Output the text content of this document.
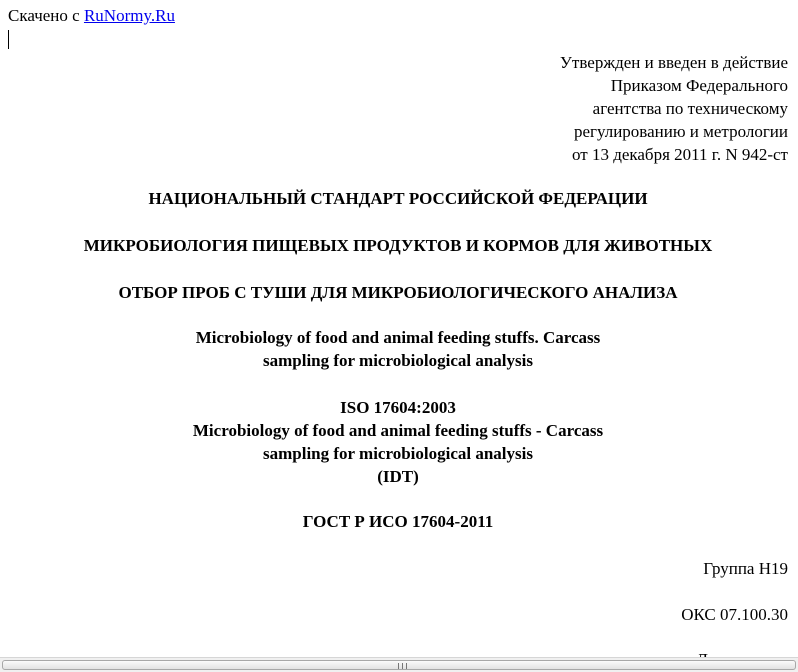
Скачено с RuNormy.Ru
Утвержден и введен в действие
Приказом Федерального
агентства по техническому
регулированию и метрологии
от 13 декабря 2011 г. N 942-ст
НАЦИОНАЛЬНЫЙ СТАНДАРТ РОССИЙСКОЙ ФЕДЕРАЦИИ
МИКРОБИОЛОГИЯ ПИЩЕВЫХ ПРОДУКТОВ И КОРМОВ ДЛЯ ЖИВОТНЫХ
ОТБОР ПРОБ С ТУШИ ДЛЯ МИКРОБИОЛОГИЧЕСКОГО АНАЛИЗА
Microbiology of food and animal feeding stuffs. Carcass
sampling for microbiological analysis
ISO 17604:2003
Microbiology of food and animal feeding stuffs - Carcass
sampling for microbiological analysis
(IDT)
ГОСТ Р ИСО 17604-2011
Группа Н19
ОКС 07.100.30
